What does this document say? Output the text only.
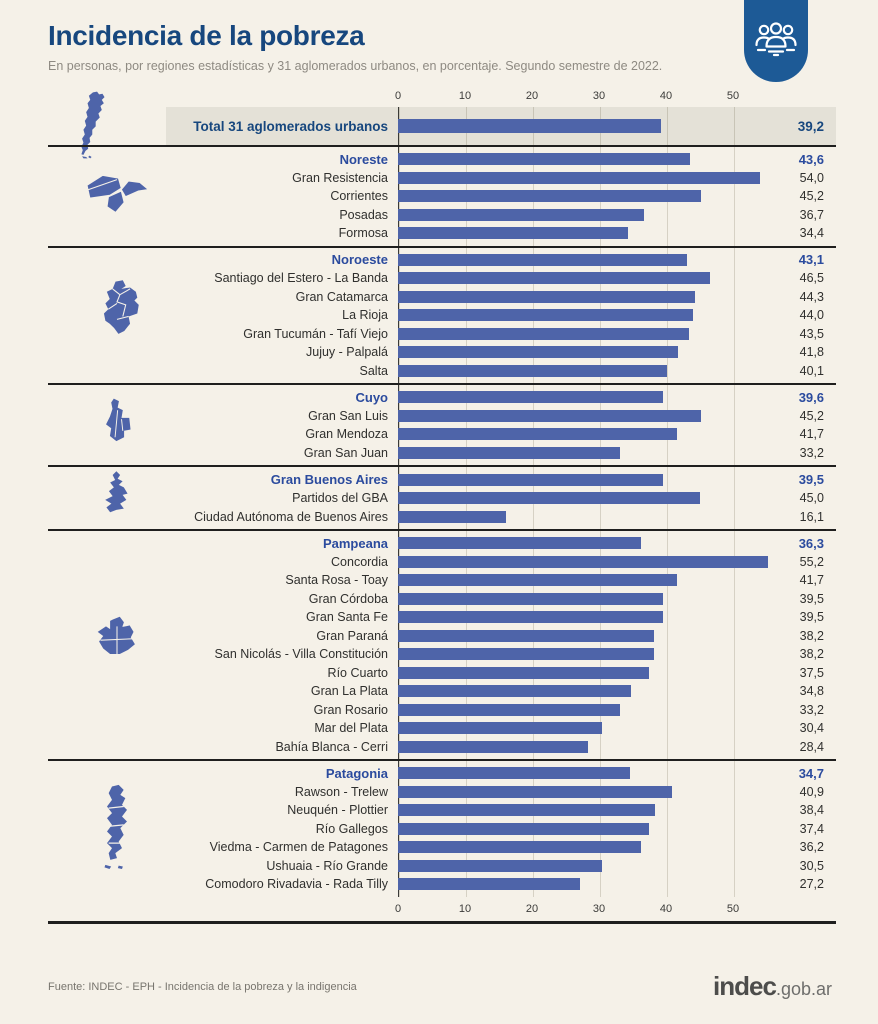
Incidencia de la pobreza

En personas, por regiones estadísticas y 31 aglomerados urbanos, en porcentaje. Segundo semestre de 2022.

0	10	20	30	40	50
Total 31 aglomerados urbanos	39,2
Noreste	43,6
Gran Resistencia	54,0
Corrientes	45,2
Posadas	36,7
Formosa	34,4
Noroeste	43,1
Santiago del Estero - La Banda	46,5
Gran Catamarca	44,3
La Rioja	44,0
Gran Tucumán - Tafí Viejo	43,5
Jujuy - Palpalá	41,8
Salta	40,1
Cuyo	39,6
Gran San Luis	45,2
Gran Mendoza	41,7
Gran San Juan	33,2
Gran Buenos Aires	39,5
Partidos del GBA	45,0
Ciudad Autónoma de Buenos Aires	16,1
Pampeana	36,3
Concordia	55,2
Santa Rosa - Toay	41,7
Gran Córdoba	39,5
Gran Santa Fe	39,5
Gran Paraná	38,2
San Nicolás - Villa Constitución	38,2
Río Cuarto	37,5
Gran La Plata	34,8
Gran Rosario	33,2
Mar del Plata	30,4
Bahía Blanca - Cerri	28,4
Patagonia	34,7
Rawson - Trelew	40,9
Neuquén - Plottier	38,4
Río Gallegos	37,4
Viedma - Carmen de Patagones	36,2
Ushuaia - Río Grande	30,5
Comodoro Rivadavia - Rada Tilly	27,2
0	10	20	30	40	50
Fuente: INDEC - EPH - Incidencia de la pobreza y la indigencia	indec.gob.ar
